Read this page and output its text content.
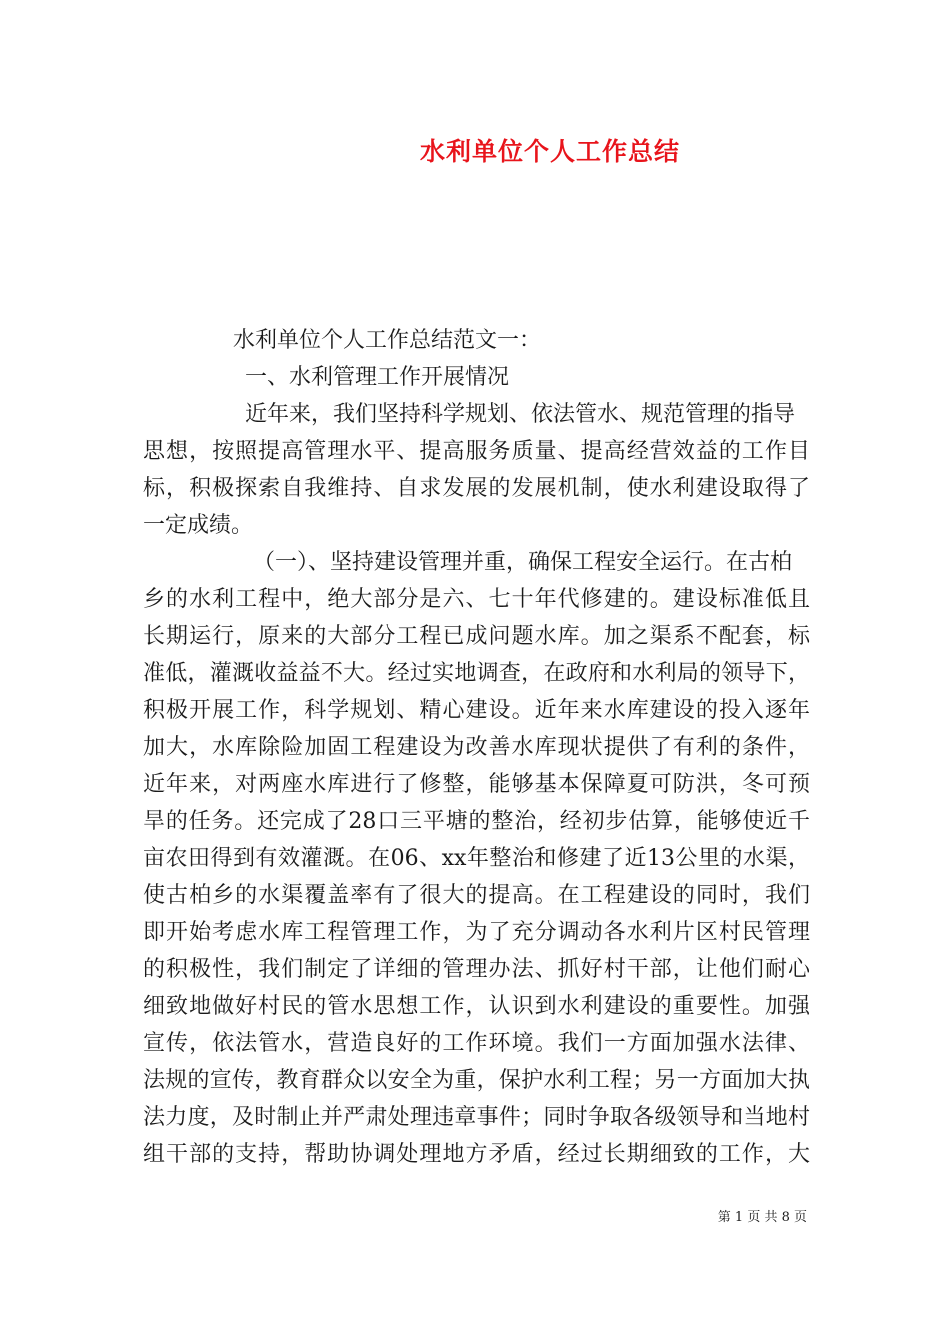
水利单位个人工作总结
水利单位个人工作总结范文一：
一、水利管理工作开展情况
近年来，我们坚持科学规划、依法管水、规范管理的指导
思想，按照提高管理水平、提高服务质量、提高经营效益的工作目
标，积极探索自我维持、自求发展的发展机制，使水利建设取得了
一定成绩。
（一）、坚持建设管理并重，确保工程安全运行。在古柏
乡的水利工程中，绝大部分是六、七十年代修建的。建设标准低且
长期运行，原来的大部分工程已成问题水库。加之渠系不配套，标
准低，灌溉收益益不大。经过实地调查，在政府和水利局的领导下，
积极开展工作，科学规划、精心建设。近年来水库建设的投入逐年
加大，水库除险加固工程建设为改善水库现状提供了有利的条件，
近年来，对两座水库进行了修整，能够基本保障夏可防洪，冬可预
旱的任务。还完成了28口三平塘的整治，经初步估算，能够使近千
亩农田得到有效灌溉。在06、xx年整治和修建了近13公里的水渠，
使古柏乡的水渠覆盖率有了很大的提高。在工程建设的同时，我们
即开始考虑水库工程管理工作，为了充分调动各水利片区村民管理
的积极性，我们制定了详细的管理办法、抓好村干部，让他们耐心
细致地做好村民的管水思想工作，认识到水利建设的重要性。加强
宣传，依法管水，营造良好的工作环境。我们一方面加强水法律、
法规的宣传，教育群众以安全为重，保护水利工程；另一方面加大执
法力度，及时制止并严肃处理违章事件；同时争取各级领导和当地村
组干部的支持，帮助协调处理地方矛盾，经过长期细致的工作，大
第 1 页 共 8 页
